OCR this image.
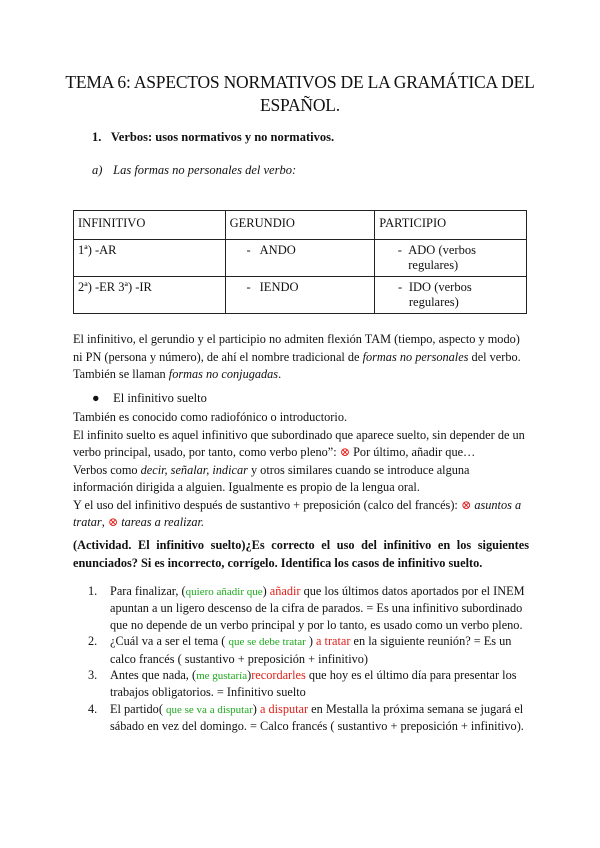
TEMA 6: ASPECTOS NORMATIVOS DE LA GRAMÁTICA DEL ESPAÑOL.
1. Verbos: usos normativos y no normativos.
a) Las formas no personales del verbo:
INFINITIVO	GERUNDIO	PARTICIPIO
1ª) -AR	- ANDO	- ADO (verbos regulares)

2ª) -ER 3ª) -IR	- IENDO	- IDO (verbos regulares)
El infinitivo, el gerundio y el participio no admiten flexión TAM (tiempo, aspecto y modo) ni PN (persona y número), de ahí el nombre tradicional de formas no personales del verbo. También se llaman formas no conjugadas.
● El infinitivo suelto
También es conocido como radiofónico o introductorio.
El infinito suelto es aquel infinitivo que subordinado que aparece suelto, sin depender de un verbo principal, usado, por tanto, como verbo pleno”: ⊗ Por último, añadir que…
Verbos como decir, señalar, indicar y otros similares cuando se introduce alguna información dirigida a alguien. Igualmente es propio de la lengua oral.
Y el uso del infinitivo después de sustantivo + preposición (calco del francés): ⊗ asuntos a tratar, ⊗ tareas a realizar.
(Actividad. El infinitivo suelto)¿Es correcto el uso del infinitivo en los siguientes enunciados? Si es incorrecto, corrígelo. Identifica los casos de infinitivo suelto.
1. Para finalizar, (quiero añadir que) añadir que los últimos datos aportados por el INEM apuntan a un ligero descenso de la cifra de parados. = Es una infinitivo subordinado que no depende de un verbo principal y por lo tanto, es usado como un verbo pleno.
2. ¿Cuál va a ser el tema ( que se debe tratar ) a tratar en la siguiente reunión? = Es un calco francés ( sustantivo + preposición + infinitivo)
3. Antes que nada, (me gustaría)recordarles que hoy es el último día para presentar los trabajos obligatorios. = Infinitivo suelto
4. El partido( que se va a disputar) a disputar en Mestalla la próxima semana se jugará el sábado en vez del domingo. = Calco francés ( sustantivo + preposición + infinitivo).
